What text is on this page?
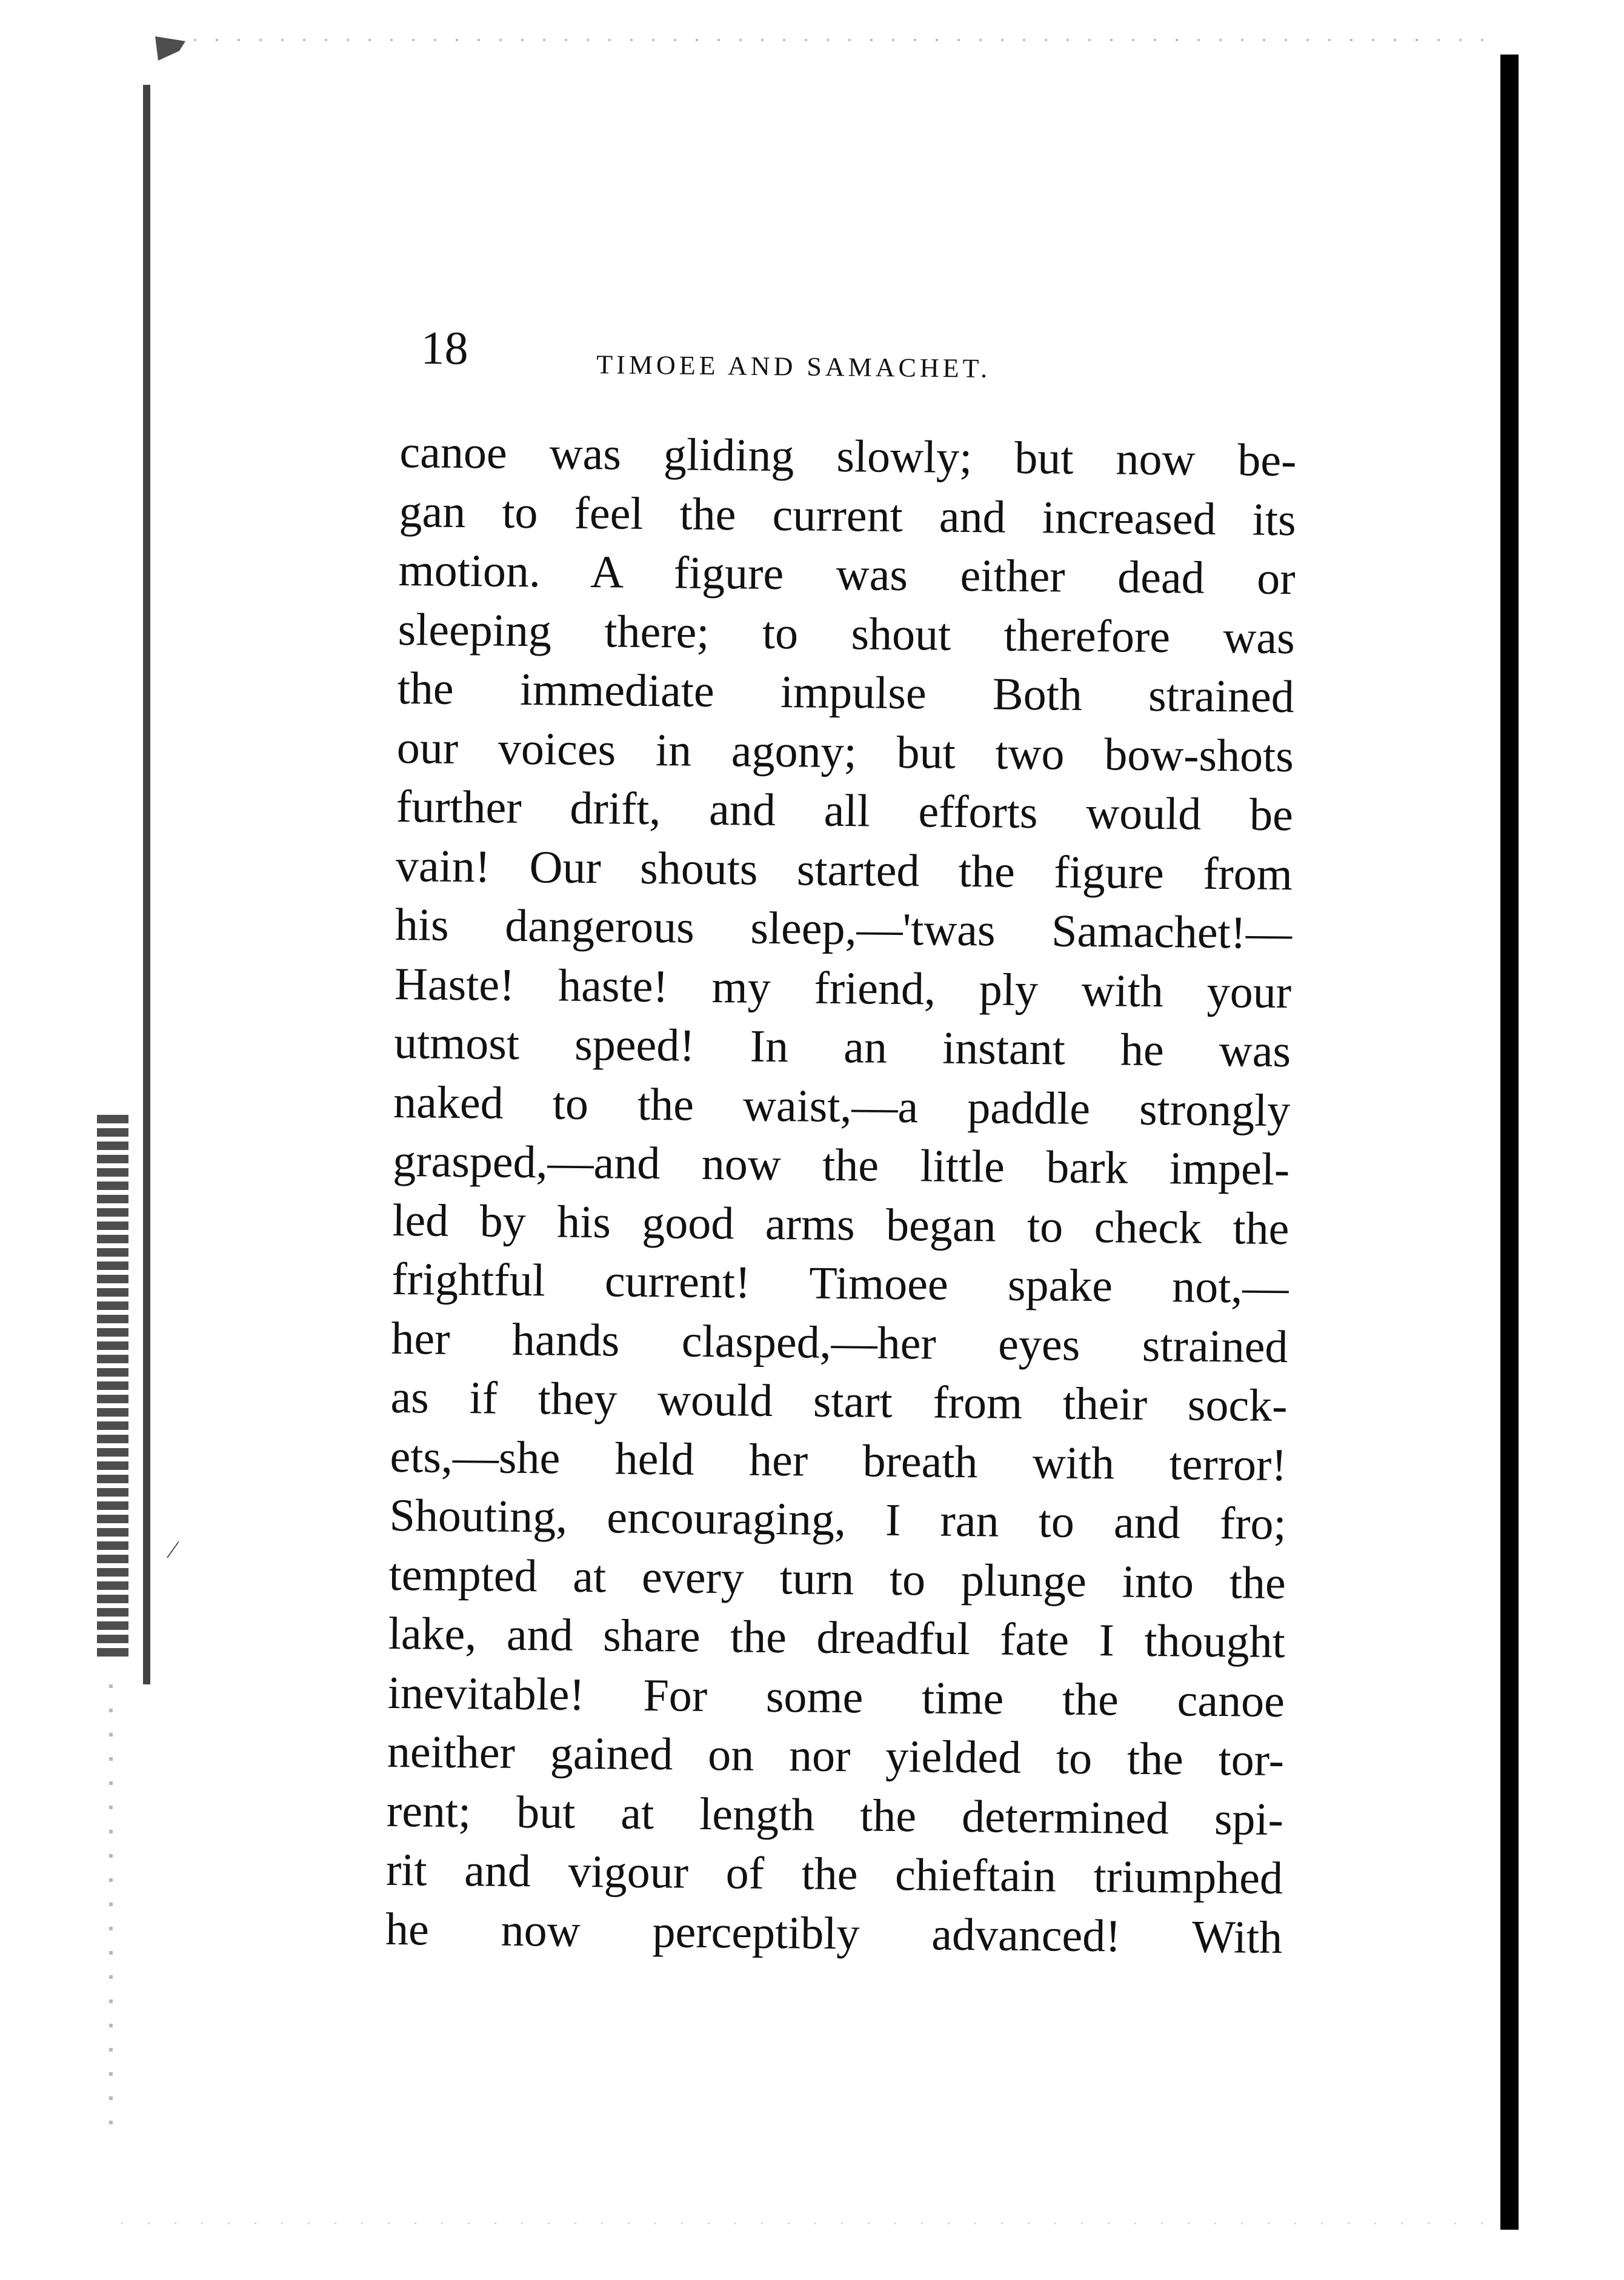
18	TIMOEE AND SAMACHET.
⁄
canoe was gliding slowly; but now be-
gan to feel the current and increased its
motion. A figure was either dead or
sleeping there; to shout therefore was
the immediate impulse Both strained
our voices in agony; but two bow-shots
further drift, and all efforts would be
vain! Our shouts started the figure from
his dangerous sleep,—'twas Samachet!—
Haste! haste! my friend, ply with your
utmost speed! In an instant he was
naked to the waist,—a paddle strongly
grasped,—and now the little bark impel-
led by his good arms began to check the
frightful current! Timoee spake not,—
her hands clasped,—her eyes strained
as if they would start from their sock-
ets,—she held her breath with terror!
Shouting, encouraging, I ran to and fro;
tempted at every turn to plunge into the
lake, and share the dreadful fate I thought
inevitable! For some time the canoe
neither gained on nor yielded to the tor-
rent; but at length the determined spi-
rit and vigour of the chieftain triumphed
he now perceptibly advanced! With
